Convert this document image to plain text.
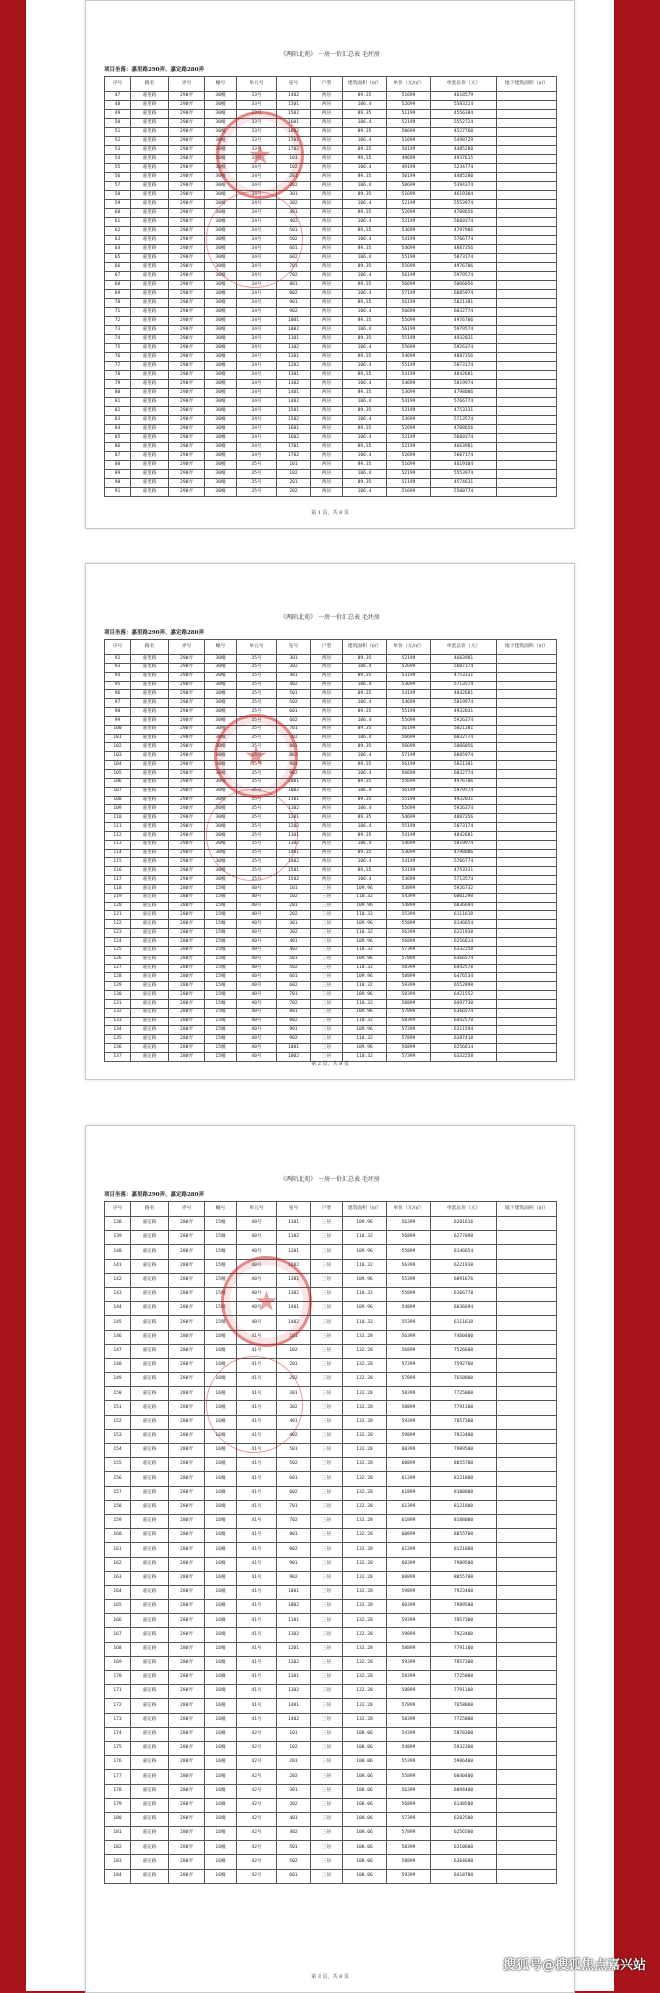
《两陌北苑》 一房一价汇总表 毛坯房
项目坐落：嘉里路290弄、嘉定路280弄
序号	路名	弄号	幢号	单元号	室号	户型	建筑面积（㎡）	单价（元/㎡）	单套总价（元）	地下建筑面积（㎡）
47	嘉里路	290弄	30幢	33号	1402	两居	89.35	51699	4618579	
48	嘉里路	290弄	30幢	33号	1501	两居	106.4	52699	5583224	
49	嘉里路	290弄	30幢	33号	1502	两居	89.35	51199	4556384	
50	嘉里路	290弄	30幢	33号	1601	两居	106.4	52199	5552724	
51	嘉里路	290弄	30幢	33号	1602	两居	89.35	50699	4527760	
52	嘉里路	290弄	30幢	33号	1701	两居	106.4	51699	5498729	
53	嘉里路	290弄	30幢	33号	1702	两居	89.35	50199	4485280	
54	嘉里路	290弄	30幢	34号	101	两居	99.35	49699	4937615	
55	嘉里路	290弄	30幢	34号	102	两居	106.4	49199	5234774	
56	嘉里路	290弄	30幢	34号	201	两居	89.35	50199	4485280	
57	嘉里路	290弄	30幢	34号	202	两居	106.4	50699	5394374	
58	嘉里路	290弄	30幢	34号	301	两居	89.35	51699	4619304	
59	嘉里路	290弄	30幢	34号	302	两居	106.4	52199	5553974	
60	嘉里路	290弄	30幢	34号	401	两居	89.35	52699	4708656	
61	嘉里路	290弄	30幢	34号	402	两居	106.4	53199	5660374	
62	嘉里路	290弄	30幢	34号	501	两居	89.35	53699	4797906	
63	嘉里路	290弄	30幢	34号	502	两居	106.4	54199	5766774	
64	嘉里路	290弄	30幢	34号	601	两居	89.35	54699	4887356	
65	嘉里路	290弄	30幢	34号	602	两居	106.4	55199	5873174	
66	嘉里路	290弄	30幢	34号	701	两居	89.35	55699	4976706	
67	嘉里路	290弄	30幢	34号	702	两居	106.4	56199	5979574	
68	嘉里路	290弄	30幢	34号	801	两居	89.35	56699	5066056	
69	嘉里路	290弄	30幢	34号	802	两居	106.4	57199	6085974	
70	嘉里路	290弄	30幢	34号	901	两居	89.35	56199	5021381	
71	嘉里路	290弄	30幢	34号	902	两居	106.4	56699	6032774	
72	嘉里路	290弄	30幢	34号	1001	两居	89.35	55699	4976706	
73	嘉里路	290弄	30幢	34号	1002	两居	106.4	56199	5979574	
74	嘉里路	290弄	30幢	34号	1101	两居	89.35	55199	4932031	
75	嘉里路	290弄	30幢	34号	1102	两居	106.4	55699	5926374	
76	嘉里路	290弄	30幢	34号	1201	两居	89.35	54699	4887356	
77	嘉里路	290弄	30幢	34号	1202	两居	106.4	55199	5873174	
78	嘉里路	290弄	30幢	34号	1301	两居	89.35	54199	4842681	
79	嘉里路	290弄	30幢	34号	1302	两居	106.4	54699	5819974	
80	嘉里路	290弄	30幢	34号	1401	两居	89.35	53699	4798006	
81	嘉里路	290弄	30幢	34号	1402	两居	106.4	54199	5766774	
82	嘉里路	290弄	30幢	34号	1501	两居	89.35	53199	4753331	
83	嘉里路	290弄	30幢	34号	1502	两居	106.4	53699	5713574	
84	嘉里路	290弄	30幢	34号	1601	两居	89.35	52699	4708656	
85	嘉里路	290弄	30幢	34号	1602	两居	106.4	53199	5660374	
86	嘉里路	290弄	30幢	34号	1701	两居	89.35	52199	4663981	
87	嘉里路	290弄	30幢	34号	1702	两居	106.4	52699	5607174	
88	嘉里路	290弄	30幢	35号	101	两居	89.35	51699	4619304	
89	嘉里路	290弄	30幢	35号	102	两居	106.4	52199	5553974	
90	嘉里路	290弄	30幢	35号	201	两居	89.35	51199	4574631	
91	嘉里路	290弄	30幢	35号	202	两居	106.4	51699	5500774	
第 1 页，共 8 页
《两陌北苑》 一房一价汇总表 毛坯房
项目坐落：嘉里路290弄、嘉定路280弄
序号	路名	弄号	幢号	单元号	室号	户型	建筑面积（㎡）	单价（元/㎡）	单套总价（元）	地下建筑面积（㎡）
92	嘉里路	290弄	30幢	35号	301	两居	89.35	52199	4663981	
93	嘉里路	290弄	30幢	35号	302	两居	106.4	52699	5607174	
94	嘉里路	290弄	30幢	35号	401	两居	89.35	53199	4753331	
95	嘉里路	290弄	30幢	35号	402	两居	106.4	53699	5713574	
96	嘉里路	290弄	30幢	35号	501	两居	89.35	54199	4842681	
97	嘉里路	290弄	30幢	35号	502	两居	106.4	54699	5819974	
98	嘉里路	290弄	30幢	35号	601	两居	89.35	55199	4932031	
99	嘉里路	290弄	30幢	35号	602	两居	106.4	55699	5926374	
100	嘉里路	290弄	30幢	35号	701	两居	89.35	56199	5021381	
101	嘉里路	290弄	30幢	35号	702	两居	106.4	56699	6032774	
102	嘉里路	290弄	30幢	35号	801	两居	89.35	56699	5066056	
103	嘉里路	290弄	30幢	35号	802	两居	106.4	57199	6085974	
104	嘉里路	290弄	30幢	35号	901	两居	89.35	56199	5021381	
105	嘉里路	290弄	30幢	35号	902	两居	106.4	56699	6032774	
106	嘉里路	290弄	30幢	35号	1001	两居	89.35	55699	4976706	
107	嘉里路	290弄	30幢	35号	1002	两居	106.4	56199	5979574	
108	嘉里路	290弄	30幢	35号	1101	两居	89.35	55199	4932031	
109	嘉里路	290弄	30幢	35号	1102	两居	106.4	55699	5926374	
110	嘉里路	290弄	30幢	35号	1201	两居	89.35	54699	4887356	
111	嘉里路	290弄	30幢	35号	1202	两居	106.4	55199	5873174	
112	嘉里路	290弄	30幢	35号	1301	两居	89.35	54199	4842681	
113	嘉里路	290弄	30幢	35号	1302	两居	106.4	54699	5819974	
114	嘉里路	290弄	30幢	35号	1401	两居	89.35	53699	4798006	
115	嘉里路	290弄	30幢	35号	1402	两居	106.4	54199	5766774	
116	嘉里路	290弄	30幢	35号	1501	两居	89.35	53199	4753331	
117	嘉里路	290弄	30幢	35号	1502	两居	106.4	53699	5713574	
118	嘉定路	280弄	15幢	40号	101	三居	109.96	53899	5926732	
119	嘉定路	280弄	15幢	40号	102	三居	110.32	54399	6001298	
120	嘉定路	280弄	15幢	40号	201	三居	109.96	54899	6036694	
121	嘉定路	280弄	15幢	40号	202	三居	110.32	55399	6111618	
122	嘉定路	280弄	15幢	40号	301	三居	109.96	55899	6146654	
123	嘉定路	280弄	15幢	40号	302	三居	110.32	56399	6221938	
124	嘉定路	280弄	15幢	40号	401	三居	109.96	56899	6256614	
125	嘉定路	280弄	15幢	40号	402	三居	110.32	57399	6332258	
126	嘉定路	280弄	15幢	40号	501	三居	109.96	57899	6366574	
127	嘉定路	280弄	15幢	40号	502	三居	110.32	58399	6442578	
128	嘉定路	280弄	15幢	40号	601	三居	109.96	58899	6476534	
129	嘉定路	280弄	15幢	40号	602	三居	110.32	59399	6552898	
130	嘉定路	280弄	15幢	40号	701	三居	109.96	58399	6421552	
131	嘉定路	280弄	15幢	40号	702	三居	110.32	58899	6497738	
132	嘉定路	280弄	15幢	40号	801	三居	109.96	57899	6366574	
133	嘉定路	280弄	15幢	40号	802	三居	110.32	58399	6442578	
134	嘉定路	280弄	15幢	40号	901	三居	109.96	57399	6311594	
135	嘉定路	280弄	15幢	40号	902	三居	110.32	57899	6387418	
136	嘉定路	280弄	15幢	40号	1001	三居	109.96	56899	6256614	
137	嘉定路	280弄	15幢	40号	1002	三居	110.32	57399	6332258	
第 2 页，共 8 页
《两陌北苑》 一房一价汇总表 毛坯房
项目坐落：嘉里路290弄、嘉定路280弄
序号	路名	弄号	幢号	单元号	室号	户型	建筑面积（㎡）	单价（元/㎡）	单套总价（元）	地下建筑面积（㎡）
138	嘉定路	280弄	15幢	40号	1101	三居	109.96	56399	6201616	
139	嘉定路	280弄	15幢	40号	1102	三居	110.32	56899	6277098	
140	嘉定路	280弄	15幢	40号	1201	三居	109.96	55899	6146654	
141	嘉定路	280弄	15幢	40号	1202	三居	110.32	56399	6221938	
142	嘉定路	280弄	15幢	40号	1301	三居	109.96	55399	6091676	
143	嘉定路	280弄	15幢	40号	1302	三居	110.32	55899	6166778	
144	嘉定路	280弄	15幢	40号	1401	三居	109.96	54899	6036694	
145	嘉定路	280弄	15幢	40号	1402	三居	110.32	55399	6111618	
146	嘉定路	280弄	16幢	41号	101	三居	132.28	56399	7460400	
147	嘉定路	280弄	16幢	41号	102	三居	132.28	56899	7526600	
148	嘉定路	280弄	16幢	41号	201	三居	132.28	57399	7592700	
149	嘉定路	280弄	16幢	41号	202	三居	132.28	57899	7658800	
150	嘉定路	280弄	16幢	41号	301	三居	132.28	58399	7725000	
151	嘉定路	280弄	16幢	41号	302	三居	132.28	58899	7791100	
152	嘉定路	280弄	16幢	41号	401	三居	132.28	59399	7857300	
153	嘉定路	280弄	16幢	41号	402	三居	132.28	59899	7923400	
154	嘉定路	280弄	16幢	41号	501	三居	132.28	60399	7989500	
155	嘉定路	280弄	16幢	41号	502	三居	132.28	60899	8055700	
156	嘉定路	280弄	16幢	41号	601	三居	132.28	61399	8121800	
157	嘉定路	280弄	16幢	41号	602	三居	132.28	61899	8188000	
158	嘉定路	280弄	16幢	41号	701	三居	132.28	61399	8121800	
159	嘉定路	280弄	16幢	41号	702	三居	132.28	61899	8188000	
160	嘉定路	280弄	16幢	41号	801	三居	132.28	60899	8055700	
161	嘉定路	280弄	16幢	41号	802	三居	132.28	61399	8121800	
162	嘉定路	280弄	16幢	41号	901	三居	132.28	60399	7989500	
163	嘉定路	280弄	16幢	41号	902	三居	132.28	60899	8055700	
164	嘉定路	280弄	16幢	41号	1001	三居	132.28	59899	7923400	
165	嘉定路	280弄	16幢	41号	1002	三居	132.28	60399	7989500	
166	嘉定路	280弄	16幢	41号	1101	三居	132.28	59399	7857300	
167	嘉定路	280弄	16幢	41号	1102	三居	132.28	59899	7923400	
168	嘉定路	280弄	16幢	41号	1201	三居	132.28	58899	7791100	
169	嘉定路	280弄	16幢	41号	1202	三居	132.28	59399	7857300	
170	嘉定路	280弄	16幢	41号	1301	三居	132.28	58399	7725000	
171	嘉定路	280弄	16幢	41号	1302	三居	132.28	58899	7791100	
172	嘉定路	280弄	16幢	41号	1401	三居	132.28	57899	7658800	
173	嘉定路	280弄	16幢	41号	1402	三居	132.28	58399	7725000	
174	嘉定路	280弄	16幢	42号	101	三居	108.06	54399	5878300	
175	嘉定路	280弄	16幢	42号	102	三居	108.06	54899	5932300	
176	嘉定路	280弄	16幢	42号	201	三居	108.06	55399	5986400	
177	嘉定路	280弄	16幢	42号	202	三居	108.06	55899	6040400	
178	嘉定路	280弄	16幢	42号	301	三居	108.06	56399	6094400	
179	嘉定路	280弄	16幢	42号	302	三居	108.06	56899	6148500	
180	嘉定路	280弄	16幢	42号	401	三居	108.06	57399	6202500	
181	嘉定路	280弄	16幢	42号	402	三居	108.06	57899	6256500	
182	嘉定路	280弄	16幢	42号	501	三居	108.06	58399	6310600	
183	嘉定路	280弄	16幢	42号	502	三居	108.06	58899	6364600	
184	嘉定路	280弄	16幢	42号	601	三居	108.06	59399	6418700	
第 3 页，共 8 页
搜狐号@搜狐焦点嘉兴站
